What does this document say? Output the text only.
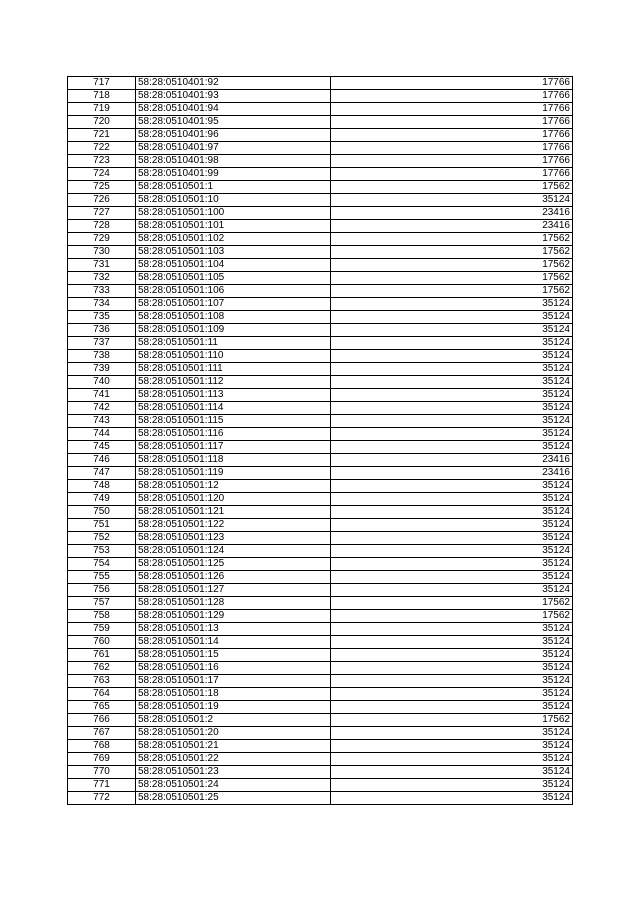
717	58:28:0510401:92	17766
718	58:28:0510401:93	17766
719	58:28:0510401:94	17766
720	58:28:0510401:95	17766
721	58:28:0510401:96	17766
722	58:28:0510401:97	17766
723	58:28:0510401:98	17766
724	58:28:0510401:99	17766
725	58:28:0510501:1	17562
726	58:28:0510501:10	35124
727	58:28:0510501:100	23416
728	58:28:0510501:101	23416
729	58:28:0510501:102	17562
730	58:28:0510501:103	17562
731	58:28:0510501:104	17562
732	58:28:0510501:105	17562
733	58:28:0510501:106	17562
734	58:28:0510501:107	35124
735	58:28:0510501:108	35124
736	58:28:0510501:109	35124
737	58:28:0510501:11	35124
738	58:28:0510501:110	35124
739	58:28:0510501:111	35124
740	58:28:0510501:112	35124
741	58:28:0510501:113	35124
742	58:28:0510501:114	35124
743	58:28:0510501:115	35124
744	58:28:0510501:116	35124
745	58:28:0510501:117	35124
746	58:28:0510501:118	23416
747	58:28:0510501:119	23416
748	58:28:0510501:12	35124
749	58:28:0510501:120	35124
750	58:28:0510501:121	35124
751	58:28:0510501:122	35124
752	58:28:0510501:123	35124
753	58:28:0510501:124	35124
754	58:28:0510501:125	35124
755	58:28:0510501:126	35124
756	58:28:0510501:127	35124
757	58:28:0510501:128	17562
758	58:28:0510501:129	17562
759	58:28:0510501:13	35124
760	58:28:0510501:14	35124
761	58:28:0510501:15	35124
762	58:28:0510501:16	35124
763	58:28:0510501:17	35124
764	58:28:0510501:18	35124
765	58:28:0510501:19	35124
766	58:28:0510501:2	17562
767	58:28:0510501:20	35124
768	58:28:0510501:21	35124
769	58:28:0510501:22	35124
770	58:28:0510501:23	35124
771	58:28:0510501:24	35124
772	58:28:0510501:25	35124
